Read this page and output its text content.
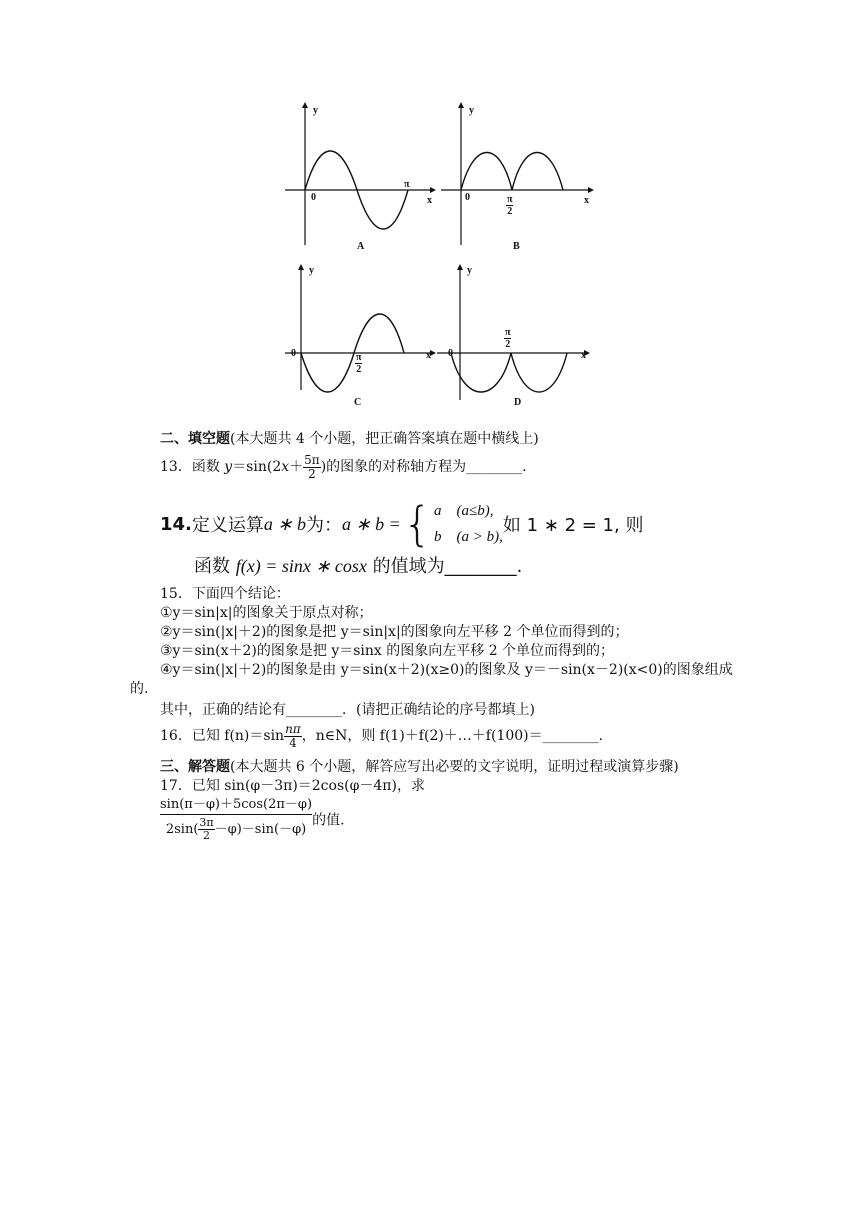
y
0	x
π
A
y
0	x
$\frac{\pi}{2}$
B
y
0	x
$\frac{\pi}{2}$
C
y
0	x
$\frac{\pi}{2}$
D
二、填空题(本大题共 4 个小题，把正确答案填在题中横线上)
13．函数 $y=\sin(2x+ \frac{5\pi}{2}$ )的图象的对称轴方程为________.
14. 定义运算 a ∗ b 为： a ∗ b = { a　(a≤b),
b　(a > b),
如 1 ∗ 2 = 1, 则
函数 f(x) = sinx ∗ cosx 的值域为________.
15．下面四个结论：
①y＝sin|x|的图象关于原点对称；
②y＝sin(|x|＋2)的图象是把 y＝sin|x|的图象向左平移 2 个单位而得到的；
③y＝sin(x＋2)的图象是把 y＝sinx 的图象向左平移 2 个单位而得到的；
④y＝sin(|x|＋2)的图象是由 y＝sin(x＋2)(x≥0)的图象及 y＝－sin(x－2)(x<0)的图象组成
的.
其中，正确的结论有________．(请把正确结论的序号都填上)
16．已知 $f(n)=\sin \frac{n\pi}{4}$ ，n∈N，则 f(1)＋f(2)＋…＋f(100)＝________.
三、解答题(本大题共 6 个小题，解答应写出必要的文字说明，证明过程或演算步骤)
17．已知 sin(φ－3π)＝2cos(φ－4π)，求
$\frac{\sin(\pi-\varphi)+5\cos(2\pi-\varphi)}{2\sin( \frac{3\pi}{2} -\varphi)-\sin(-\varphi)}$ 的值.
